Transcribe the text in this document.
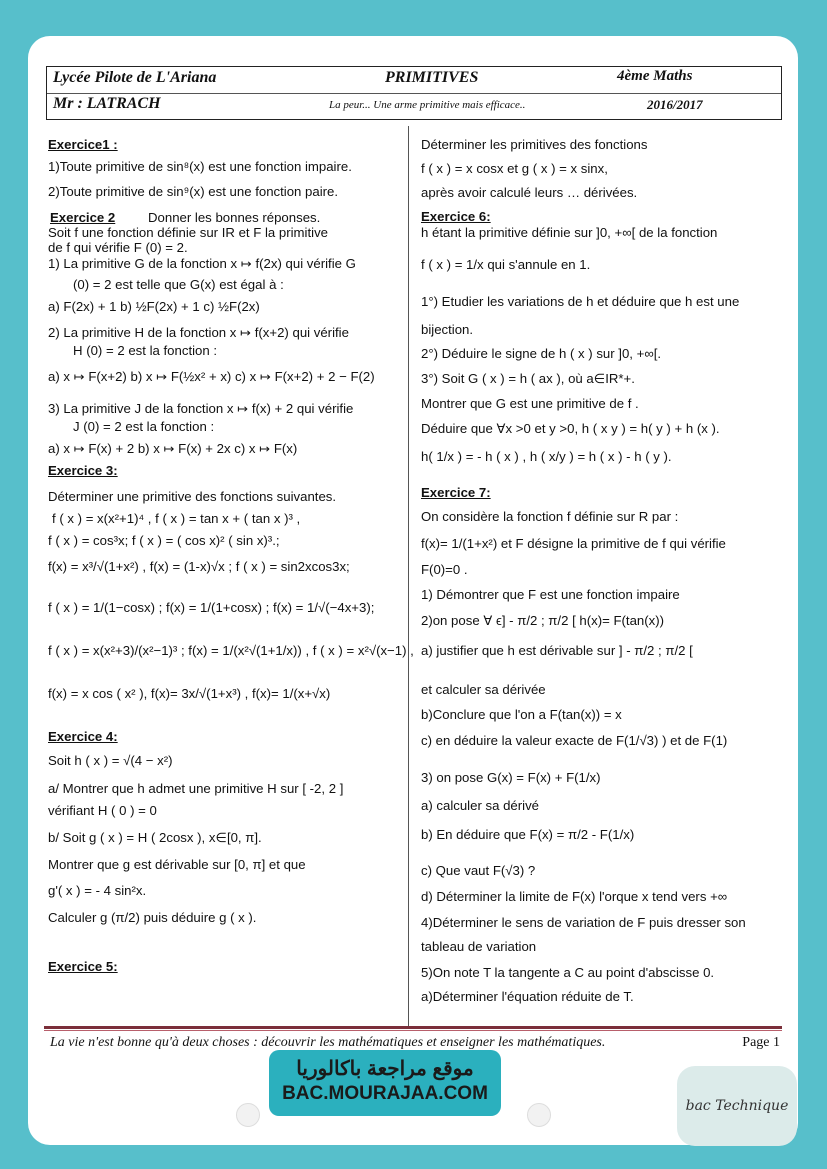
Lycée Pilote de L'Ariana	PRIMITIVES	4ème Maths
Mr : LATRACH	La peur... Une arme primitive mais efficace..	2016/2017

Exercice1 :

1)Toute primitive de sin⁸(x) est une fonction impaire.

2)Toute primitive de sin⁹(x) est une fonction paire.

Exercice 2 Donner les bonnes réponses.

Soit f une fonction définie sur IR et F la primitive

de f qui vérifie F (0) = 2.

1) La primitive G de la fonction x ↦ f(2x) qui vérifie G

(0) = 2 est telle que G(x) est égal à :

a) F(2x) + 1 b) ½F(2x) + 1 c) ½F(2x)

2) La primitive H de la fonction x ↦ f(x+2) qui vérifie

H (0) = 2 est la fonction :

a) x ↦ F(x+2) b) x ↦ F(½x² + x) c) x ↦ F(x+2) + 2 − F(2)

3) La primitive J de la fonction x ↦ f(x) + 2 qui vérifie

J (0) = 2 est la fonction :

a) x ↦ F(x) + 2 b) x ↦ F(x) + 2x c) x ↦ F(x)

Exercice 3:

Déterminer une primitive des fonctions suivantes.

f ( x ) = x(x²+1)⁴ , f ( x ) = tan x + ( tan x )³ ,

f ( x ) = cos³x; f ( x ) = ( cos x)² ( sin x)³.;

f(x) = x³/√(1+x²) , f(x) = (1-x)√x ; f ( x ) = sin2xcos3x;

f ( x ) = 1/(1−cosx) ; f(x) = 1/(1+cosx) ; f(x) = 1/√(−4x+3);

f ( x ) = x(x²+3)/(x²−1)³ ; f(x) = 1/(x²√(1+1/x)) , f ( x ) = x²√(x−1) ,

f(x) = x cos ( x² ), f(x)= 3x/√(1+x³) , f(x)= 1/(x+√x)

Exercice 4:

Soit h ( x ) = √(4 − x²)

a/ Montrer que h admet une primitive H sur [ -2, 2 ]

vérifiant H ( 0 ) = 0

b/ Soit g ( x ) = H ( 2cosx ), x∈[0, π].

Montrer que g est dérivable sur [0, π] et que

g'( x ) = - 4 sin²x.

Calculer g (π/2) puis déduire g ( x ).

Exercice 5:

Déterminer les primitives des fonctions

f ( x ) = x cosx et g ( x ) = x sinx,

après avoir calculé leurs … dérivées.

Exercice 6:

h étant la primitive définie sur ]0, +∞[ de la fonction

f ( x ) = 1/x qui s'annule en 1.

1°) Etudier les variations de h et déduire que h est une

bijection.

2°) Déduire le signe de h ( x ) sur ]0, +∞[.

3°) Soit G ( x ) = h ( ax ), où a∈IR*+.

Montrer que G est une primitive de f .

Déduire que ∀x >0 et y >0, h ( x y ) = h( y ) + h (x ).

h( 1/x ) = - h ( x ) , h ( x/y ) = h ( x ) - h ( y ).

Exercice 7:

On considère la fonction f définie sur R par :

f(x)= 1/(1+x²) et F désigne la primitive de f qui vérifie

F(0)=0 .

1) Démontrer que F est une fonction impaire

2)on pose ∀ ϵ] - π/2 ; π/2 [ h(x)= F(tan(x))

a) justifier que h est dérivable sur ] - π/2 ; π/2 [

et calculer sa dérivée

b)Conclure que l'on a F(tan(x)) = x

c) en déduire la valeur exacte de F(1/√3) ) et de F(1)

3) on pose G(x) = F(x) + F(1/x)

a) calculer sa dérivé

b) En déduire que F(x) = π/2 - F(1/x)

c) Que vaut F(√3) ?

d) Déterminer la limite de F(x) l'orque x tend vers +∞

4)Déterminer le sens de variation de F puis dresser son

tableau de variation

5)On note T la tangente a C au point d'abscisse 0.

a)Déterminer l'équation réduite de T.

La vie n'est bonne qu'à deux choses : découvrir les mathématiques et enseigner les mathématiques.	Page 1
موقع مراجعة باكالوريا
BAC.MOURAJAA.COM
bac Technique
